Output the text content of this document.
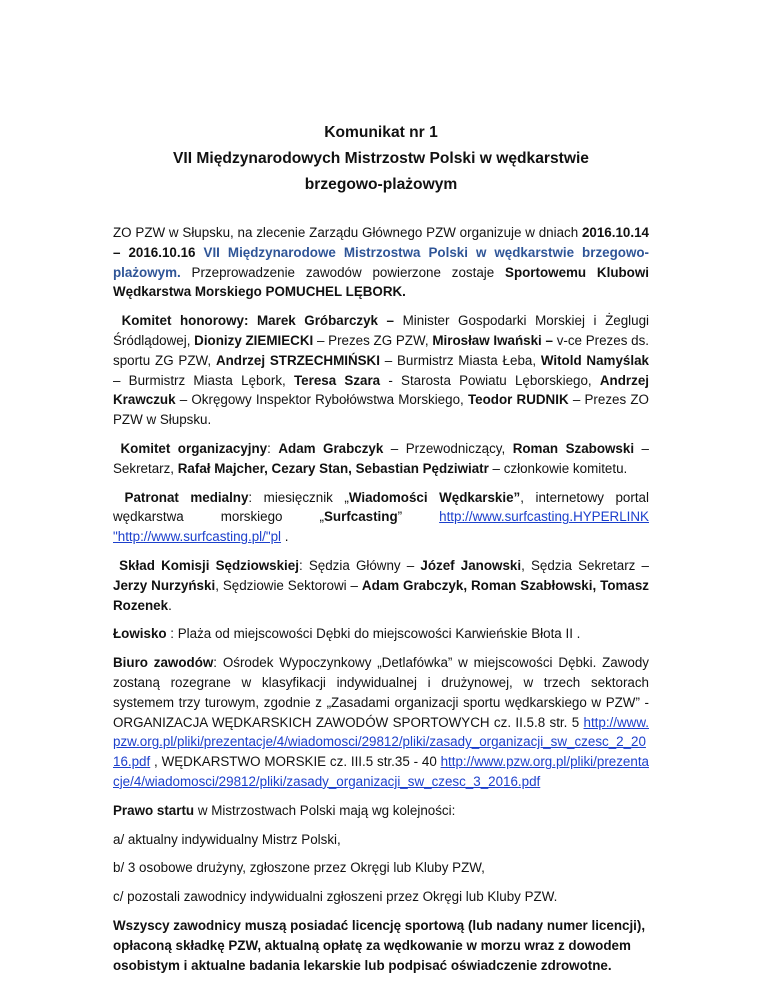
Komunikat nr 1
VII Międzynarodowych Mistrzostw Polski w wędkarstwie
brzegowo-plażowym

ZO PZW w Słupsku, na zlecenie Zarządu Głównego PZW organizuje w dniach 2016.10.14 – 2016.10.16 VII Międzynarodowe Mistrzostwa Polski w wędkarstwie brzegowo-plażowym. Przeprowadzenie zawodów powierzone zostaje Sportowemu Klubowi Wędkarstwa Morskiego POMUCHEL LĘBORK.

Komitet honorowy: Marek Gróbarczyk – Minister Gospodarki Morskiej i Żeglugi Śródlądowej, Dionizy ZIEMIECKI – Prezes ZG PZW, Mirosław Iwański – v-ce Prezes ds. sportu ZG PZW, Andrzej STRZECHMIŃSKI – Burmistrz Miasta Łeba, Witold Namyślak – Burmistrz Miasta Lębork, Teresa Szara - Starosta Powiatu Lęborskiego, Andrzej Krawczuk – Okręgowy Inspektor Rybołówstwa Morskiego, Teodor RUDNIK – Prezes ZO PZW w Słupsku.

Komitet organizacyjny: Adam Grabczyk – Przewodniczący, Roman Szabowski – Sekretarz, Rafał Majcher, Cezary Stan, Sebastian Pędziwiatr – członkowie komitetu.

Patronat medialny: miesięcznik „Wiadomości Wędkarskie”, internetowy portal wędkarstwa morskiego „Surfcasting” http://www.surfcasting.HYPERLINK "http://www.surfcasting.pl/"pl .

Skład Komisji Sędziowskiej: Sędzia Główny – Józef Janowski, Sędzia Sekretarz – Jerzy Nurzyński, Sędziowie Sektorowi – Adam Grabczyk, Roman Szabłowski, Tomasz Rozenek.

Łowisko : Plaża od miejscowości Dębki do miejscowości Karwieńskie Błota II .

Biuro zawodów: Ośrodek Wypoczynkowy „Detlafówka” w miejscowości Dębki. Zawody zostaną rozegrane w klasyfikacji indywidualnej i drużynowej, w trzech sektorach systemem trzy turowym, zgodnie z „Zasadami organizacji sportu wędkarskiego w PZW” - ORGANIZACJA WĘDKARSKICH ZAWODÓW SPORTOWYCH cz. II.5.8 str. 5 http://www.pzw.org.pl/pliki/prezentacje/4/wiadomosci/29812/pliki/zasady_organizacji_sw_czesc_2_2016.pdf , WĘDKARSTWO MORSKIE cz. III.5 str.35 - 40 http://www.pzw.org.pl/pliki/prezentacje/4/wiadomosci/29812/pliki/zasady_organizacji_sw_czesc_3_2016.pdf

Prawo startu w Mistrzostwach Polski mają wg kolejności:

a/ aktualny indywidualny Mistrz Polski,

b/ 3 osobowe drużyny, zgłoszone przez Okręgi lub Kluby PZW,

c/ pozostali zawodnicy indywidualni zgłoszeni przez Okręgi lub Kluby PZW.

Wszyscy zawodnicy muszą posiadać licencję sportową (lub nadany numer licencji), opłaconą składkę PZW, aktualną opłatę za wędkowanie w morzu wraz z dowodem osobistym i aktualne badania lekarskie lub podpisać oświadczenie zdrowotne.
